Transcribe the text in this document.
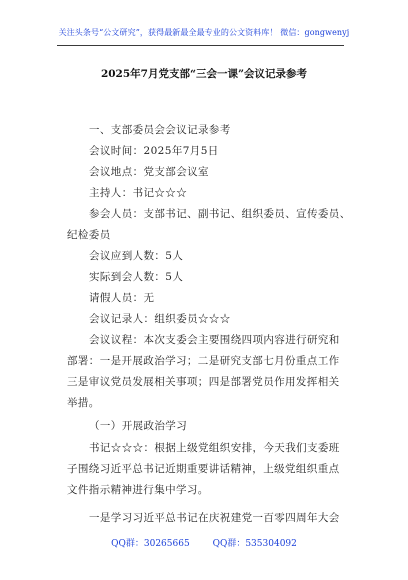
关注头条号“公文研究”，获得最新最全最专业的公文资料库！ 微信：gongwenyj
2025年7月党支部“三会一课”会议记录参考
一、支部委员会会议记录参考
会议时间：2025年7月5日
会议地点：党支部会议室
主持人：书记☆☆☆
参会人员：支部书记、副书记、组织委员、宣传委员、
纪检委员
会议应到人数：5人
实际到会人数：5人
请假人员：无
会议记录人：组织委员☆☆☆
会议议程：本次支委会主要围绕四项内容进行研究和
部署：一是开展政治学习；二是研究支部七月份重点工作
三是审议党员发展相关事项；四是部署党员作用发挥相关
举措。
（一）开展政治学习
书记☆☆☆：根据上级党组织安排，今天我们支委班
子围绕习近平总书记近期重要讲话精神，上级党组织重点
文件指示精神进行集中学习。
一是学习习近平总书记在庆祝建党一百零四周年大会
QQ群：30265665	QQ群：535304092
